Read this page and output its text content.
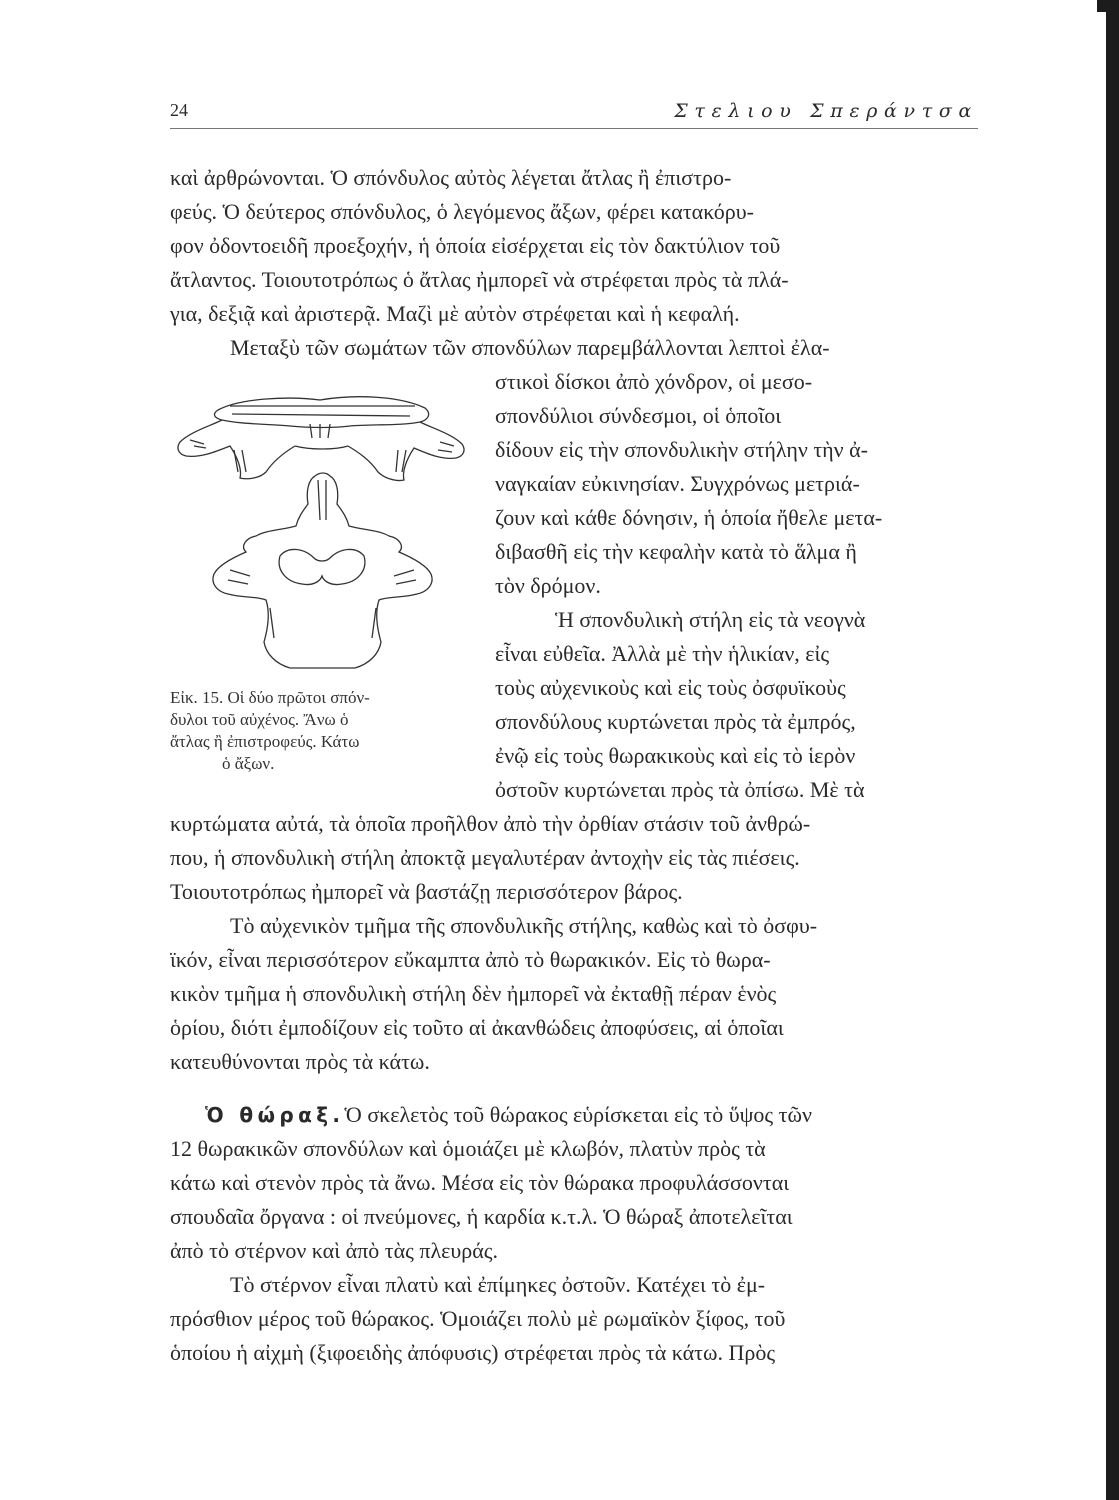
24	Στελιου Σπεράντσα
καὶ ἀρθρώνονται. Ὁ σπόνδυλος αὐτὸς λέγεται ἄτλας ἢ ἐπιστρο-
φεύς. Ὁ δεύτερος σπόνδυλος, ὁ λεγόμενος ἄξων, φέρει κατακόρυ-
φον ὀδοντοειδῆ προεξοχήν, ἡ ὁποία εἰσέρχεται εἰς τὸν δακτύλιον τοῦ
ἄτλαντος. Τοιουτοτρόπως ὁ ἄτλας ἠμπορεῖ νὰ στρέφεται πρὸς τὰ πλά-
για, δεξιᾷ καὶ ἀριστερᾷ. Μαζὶ μὲ αὐτὸν στρέφεται καὶ ἡ κεφαλή.
Μεταξὺ τῶν σωμάτων τῶν σπονδύλων παρεμβάλλονται λεπτοὶ ἐλα-
στικοὶ δίσκοι ἀπὸ χόνδρον, οἱ μεσο-
σπονδύλιοι σύνδεσμοι, οἱ ὁποῖοι
δίδουν εἰς τὴν σπονδυλικὴν στήλην τὴν ἀ-
ναγκαίαν εὐκινησίαν. Συγχρόνως μετριά-
ζουν καὶ κάθε δόνησιν, ἡ ὁποία ἤθελε μετα-
διβασθῆ εἰς τὴν κεφαλὴν κατὰ τὸ ἅλμα ἢ
τὸν δρόμον.
Ἡ σπονδυλικὴ στήλη εἰς τὰ νεογνὰ
εἶναι εὐθεῖα. Ἀλλὰ μὲ τὴν ἡλικίαν, εἰς
τοὺς αὐχενικοὺς καὶ εἰς τοὺς ὀσφυϊκοὺς
σπονδύλους κυρτώνεται πρὸς τὰ ἐμπρός,
ἐνῷ εἰς τοὺς θωρακικοὺς καὶ εἰς τὸ ἱερὸν
ὀστοῦν κυρτώνεται πρὸς τὰ ὀπίσω. Μὲ τὰ
κυρτώματα αὐτά, τὰ ὁποῖα προῆλθον ἀπὸ τὴν ὀρθίαν στάσιν τοῦ ἀνθρώ-
που, ἡ σπονδυλικὴ στήλη ἀποκτᾷ μεγαλυτέραν ἀντοχὴν εἰς τὰς πιέσεις.
Τοιουτοτρόπως ἠμπορεῖ νὰ βαστάζῃ περισσότερον βάρος.
Τὸ αὐχενικὸν τμῆμα τῆς σπονδυλικῆς στήλης, καθὼς καὶ τὸ ὀσφυ-
ϊκόν, εἶναι περισσότερον εὔκαμπτα ἀπὸ τὸ θωρακικόν. Εἰς τὸ θωρα-
κικὸν τμῆμα ἡ σπονδυλικὴ στήλη δὲν ἠμπορεῖ νὰ ἐκταθῇ πέραν ἑνὸς
ὁρίου, διότι ἐμποδίζουν εἰς τοῦτο αἱ ἀκανθώδεις ἀποφύσεις, αἱ ὁποῖαι
κατευθύνονται πρὸς τὰ κάτω.
Ὁ θώραξ.Ὁ σκελετὸς τοῦ θώρακος εὑρίσκεται εἰς τὸ ὕψος τῶν
12 θωρακικῶν σπονδύλων καὶ ὁμοιάζει μὲ κλωβόν, πλατὺν πρὸς τὰ
κάτω καὶ στενὸν πρὸς τὰ ἄνω. Μέσα εἰς τὸν θώρακα προφυλάσσονται
σπουδαῖα ὄργανα : οἱ πνεύμονες, ἡ καρδία κ.τ.λ. Ὁ θώραξ ἀποτελεῖται
ἀπὸ τὸ στέρνον καὶ ἀπὸ τὰς πλευράς.
Τὸ στέρνον εἶναι πλατὺ καὶ ἐπίμηκες ὀστοῦν. Κατέχει τὸ ἐμ-
πρόσθιον μέρος τοῦ θώρακος. Ὁμοιάζει πολὺ μὲ ρωμαϊκὸν ξίφος, τοῦ
ὁποίου ἡ αἰχμὴ (ξιφοειδὴς ἀπόφυσις) στρέφεται πρὸς τὰ κάτω. Πρὸς
Εἰκ. 15. Οἱ δύο πρῶτοι σπόν-
δυλοι τοῦ αὐχένος. Ἄνω ὁ
ἄτλας ἢ ἐπιστροφεύς. Κάτω
ὁ ἄξων.
